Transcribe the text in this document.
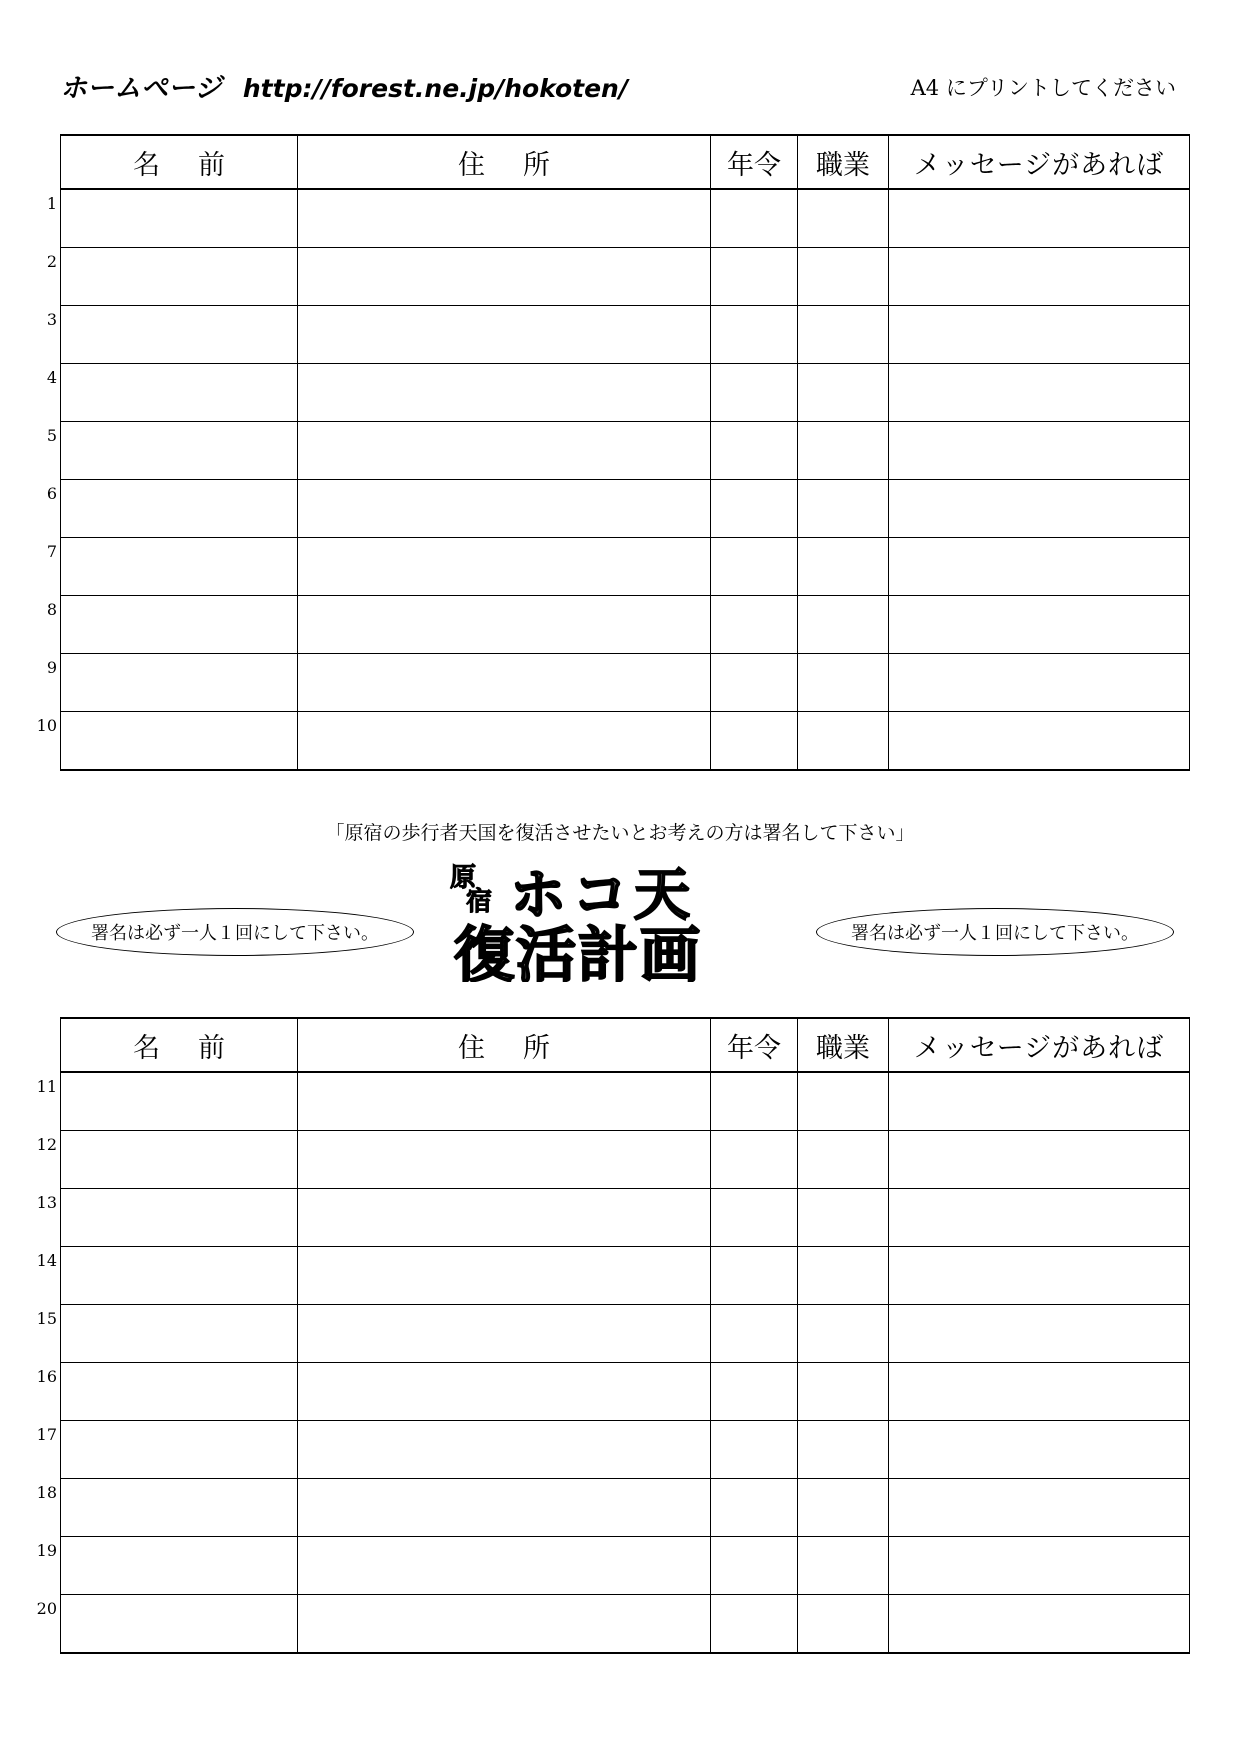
ホームページ http://forest.ne.jp/hokoten/	A4 にプリントしてください
名前	住所	年令	職業	メッセージがあれば

1				

2				

3				

4				

5				

6				

7				

8				

9				

10				

「原宿の歩行者天国を復活させたいとお考えの方は署名して下さい」
署名は必ず一人１回にして下さい。	署名は必ず一人１回にして下さい。
原
宿 ホコ天
復活計画
名前	住所	年令	職業	メッセージがあれば

11				

12				

13				

14				

15				

16				

17				

18				

19				

20				
